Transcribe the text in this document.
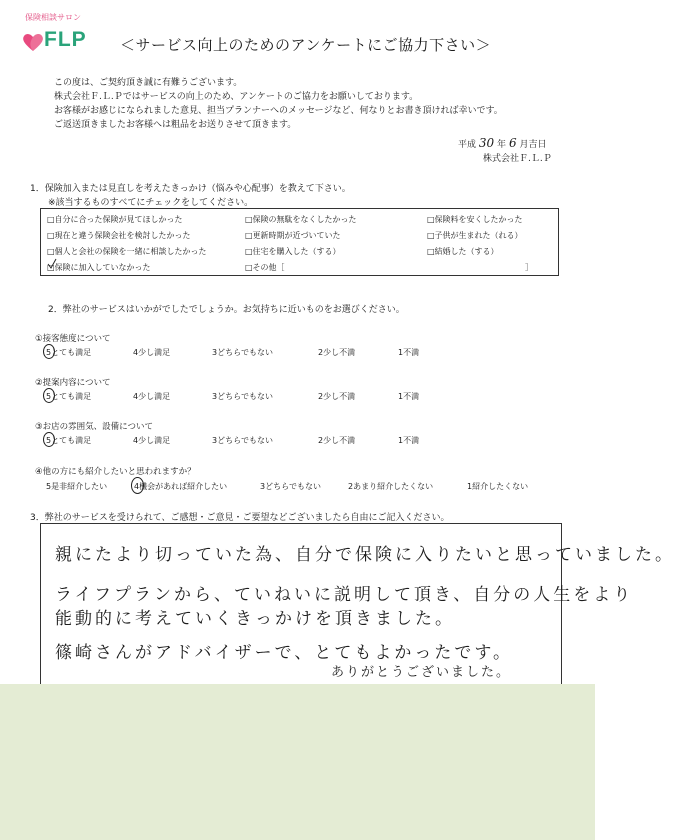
保険相談サロン
FLP ＜サービス向上のためのアンケートにご協力下さい＞
この度は、ご契約頂き誠に有難うございます。
株式会社Ｆ.Ｌ.Ｐではサービスの向上のため、アンケートのご協力をお願いしております。
お客様がお感じになられました意見、担当プランナーへのメッセージなど、何なりとお書き頂ければ幸いです。
ご返送頂きましたお客様へは粗品をお送りさせて頂きます。
平成 30 年 6 月吉日
株式会社Ｆ.Ｌ.Ｐ
1．保険加入または見直しを考えたきっかけ（悩みや心配事）を教えて下さい。
※該当するものすべてにチェックをしてください。
□自分に合った保険が見てほしかった	□保険の無駄をなくしたかった	□保険料を安くしたかった
□現在と違う保険会社を検討したかった	□更新時期が近づいていた	□子供が生まれた（れる）
□個人と会社の保険を一緒に相談したかった	□住宅を購入した（する）	□結婚した（する）
□保険に加入していなかった	□その他［	］
2．弊社のサービスはいかがでしたでしょうか。お気持ちに近いものをお選びください。
①接客態度について
5とても満足	4少し満足	3どちらでもない	2少し不満	1不満
②提案内容について
5とても満足	4少し満足	3どちらでもない	2少し不満	1不満
③お店の雰囲気、設備について
5とても満足	4少し満足	3どちらでもない	2少し不満	1不満
④他の方にも紹介したいと思われますか？
5是非紹介したい	4機会があれば紹介したい	3どちらでもない	2あまり紹介したくない	1紹介したくない
3．弊社のサービスを受けられて、ご感想・ご意見・ご要望などございましたら自由にご記入ください。
親にたより切っていた為、自分で保険に入りたいと思っていました。
ライフプランから、ていねいに説明して頂き、自分の人生をより
能動的に考えていくきっかけを頂きました。
篠崎さんがアドバイザーで、とてもよかったです。
ありがとうございました。
